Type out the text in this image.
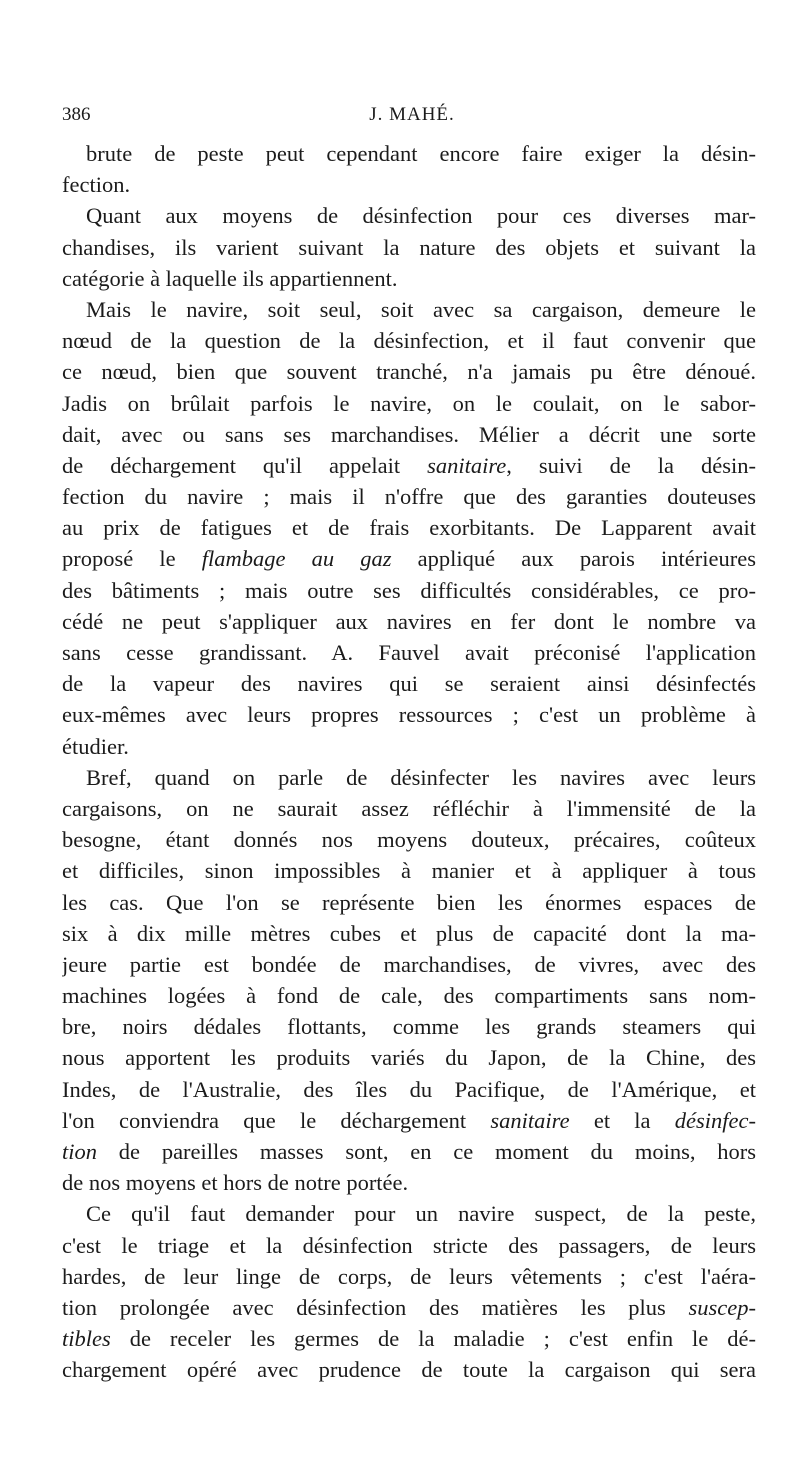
386	J. MAHÉ.
brute de peste peut cependant encore faire exiger la désin-
fection.
Quant aux moyens de désinfection pour ces diverses mar-
chandises, ils varient suivant la nature des objets et suivant la
catégorie à laquelle ils appartiennent.
Mais le navire, soit seul, soit avec sa cargaison, demeure le
nœud de la question de la désinfection, et il faut convenir que
ce nœud, bien que souvent tranché, n'a jamais pu être dénoué.
Jadis on brûlait parfois le navire, on le coulait, on le sabor-
dait, avec ou sans ses marchandises. Mélier a décrit une sorte
de déchargement qu'il appelait sanitaire, suivi de la désin-
fection du navire ; mais il n'offre que des garanties douteuses
au prix de fatigues et de frais exorbitants. De Lapparent avait
proposé le flambage au gaz appliqué aux parois intérieures
des bâtiments ; mais outre ses difficultés considérables, ce pro-
cédé ne peut s'appliquer aux navires en fer dont le nombre va
sans cesse grandissant. A. Fauvel avait préconisé l'application
de la vapeur des navires qui se seraient ainsi désinfectés
eux-mêmes avec leurs propres ressources ; c'est un problème à
étudier.
Bref, quand on parle de désinfecter les navires avec leurs
cargaisons, on ne saurait assez réfléchir à l'immensité de la
besogne, étant donnés nos moyens douteux, précaires, coûteux
et difficiles, sinon impossibles à manier et à appliquer à tous
les cas. Que l'on se représente bien les énormes espaces de
six à dix mille mètres cubes et plus de capacité dont la ma-
jeure partie est bondée de marchandises, de vivres, avec des
machines logées à fond de cale, des compartiments sans nom-
bre, noirs dédales flottants, comme les grands steamers qui
nous apportent les produits variés du Japon, de la Chine, des
Indes, de l'Australie, des îles du Pacifique, de l'Amérique, et
l'on conviendra que le déchargement sanitaire et la désinfec-
tion de pareilles masses sont, en ce moment du moins, hors
de nos moyens et hors de notre portée.
Ce qu'il faut demander pour un navire suspect, de la peste,
c'est le triage et la désinfection stricte des passagers, de leurs
hardes, de leur linge de corps, de leurs vêtements ; c'est l'aéra-
tion prolongée avec désinfection des matières les plus suscep-
tibles de receler les germes de la maladie ; c'est enfin le dé-
chargement opéré avec prudence de toute la cargaison qui sera
